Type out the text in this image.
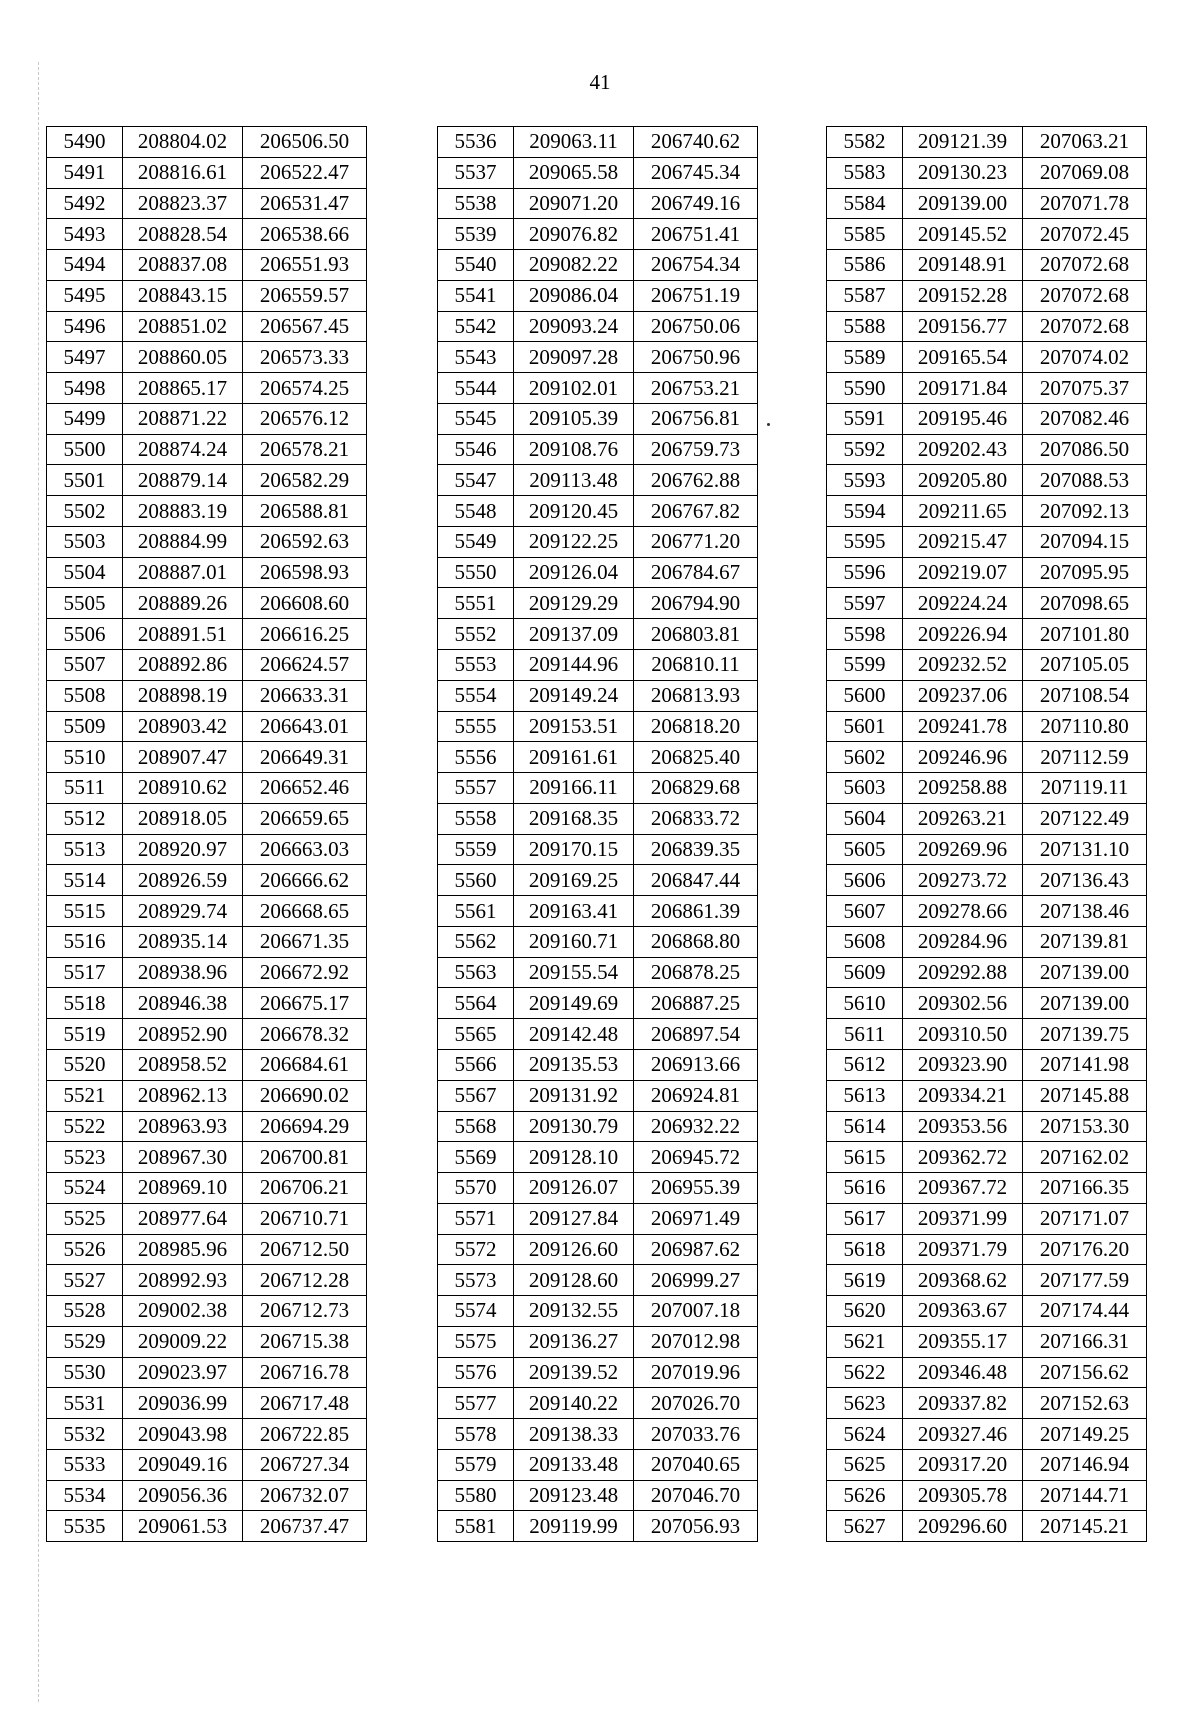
41
5490	208804.02	206506.50
5491	208816.61	206522.47
5492	208823.37	206531.47
5493	208828.54	206538.66
5494	208837.08	206551.93
5495	208843.15	206559.57
5496	208851.02	206567.45
5497	208860.05	206573.33
5498	208865.17	206574.25
5499	208871.22	206576.12
5500	208874.24	206578.21
5501	208879.14	206582.29
5502	208883.19	206588.81
5503	208884.99	206592.63
5504	208887.01	206598.93
5505	208889.26	206608.60
5506	208891.51	206616.25
5507	208892.86	206624.57
5508	208898.19	206633.31
5509	208903.42	206643.01
5510	208907.47	206649.31
5511	208910.62	206652.46
5512	208918.05	206659.65
5513	208920.97	206663.03
5514	208926.59	206666.62
5515	208929.74	206668.65
5516	208935.14	206671.35
5517	208938.96	206672.92
5518	208946.38	206675.17
5519	208952.90	206678.32
5520	208958.52	206684.61
5521	208962.13	206690.02
5522	208963.93	206694.29
5523	208967.30	206700.81
5524	208969.10	206706.21
5525	208977.64	206710.71
5526	208985.96	206712.50
5527	208992.93	206712.28
5528	209002.38	206712.73
5529	209009.22	206715.38
5530	209023.97	206716.78
5531	209036.99	206717.48
5532	209043.98	206722.85
5533	209049.16	206727.34
5534	209056.36	206732.07
5535	209061.53	206737.47
5536	209063.11	206740.62
5537	209065.58	206745.34
5538	209071.20	206749.16
5539	209076.82	206751.41
5540	209082.22	206754.34
5541	209086.04	206751.19
5542	209093.24	206750.06
5543	209097.28	206750.96
5544	209102.01	206753.21
5545	209105.39	206756.81
5546	209108.76	206759.73
5547	209113.48	206762.88
5548	209120.45	206767.82
5549	209122.25	206771.20
5550	209126.04	206784.67
5551	209129.29	206794.90
5552	209137.09	206803.81
5553	209144.96	206810.11
5554	209149.24	206813.93
5555	209153.51	206818.20
5556	209161.61	206825.40
5557	209166.11	206829.68
5558	209168.35	206833.72
5559	209170.15	206839.35
5560	209169.25	206847.44
5561	209163.41	206861.39
5562	209160.71	206868.80
5563	209155.54	206878.25
5564	209149.69	206887.25
5565	209142.48	206897.54
5566	209135.53	206913.66
5567	209131.92	206924.81
5568	209130.79	206932.22
5569	209128.10	206945.72
5570	209126.07	206955.39
5571	209127.84	206971.49
5572	209126.60	206987.62
5573	209128.60	206999.27
5574	209132.55	207007.18
5575	209136.27	207012.98
5576	209139.52	207019.96
5577	209140.22	207026.70
5578	209138.33	207033.76
5579	209133.48	207040.65
5580	209123.48	207046.70
5581	209119.99	207056.93
5582	209121.39	207063.21
5583	209130.23	207069.08
5584	209139.00	207071.78
5585	209145.52	207072.45
5586	209148.91	207072.68
5587	209152.28	207072.68
5588	209156.77	207072.68
5589	209165.54	207074.02
5590	209171.84	207075.37
5591	209195.46	207082.46
5592	209202.43	207086.50
5593	209205.80	207088.53
5594	209211.65	207092.13
5595	209215.47	207094.15
5596	209219.07	207095.95
5597	209224.24	207098.65
5598	209226.94	207101.80
5599	209232.52	207105.05
5600	209237.06	207108.54
5601	209241.78	207110.80
5602	209246.96	207112.59
5603	209258.88	207119.11
5604	209263.21	207122.49
5605	209269.96	207131.10
5606	209273.72	207136.43
5607	209278.66	207138.46
5608	209284.96	207139.81
5609	209292.88	207139.00
5610	209302.56	207139.00
5611	209310.50	207139.75
5612	209323.90	207141.98
5613	209334.21	207145.88
5614	209353.56	207153.30
5615	209362.72	207162.02
5616	209367.72	207166.35
5617	209371.99	207171.07
5618	209371.79	207176.20
5619	209368.62	207177.59
5620	209363.67	207174.44
5621	209355.17	207166.31
5622	209346.48	207156.62
5623	209337.82	207152.63
5624	209327.46	207149.25
5625	209317.20	207146.94
5626	209305.78	207144.71
5627	209296.60	207145.21
